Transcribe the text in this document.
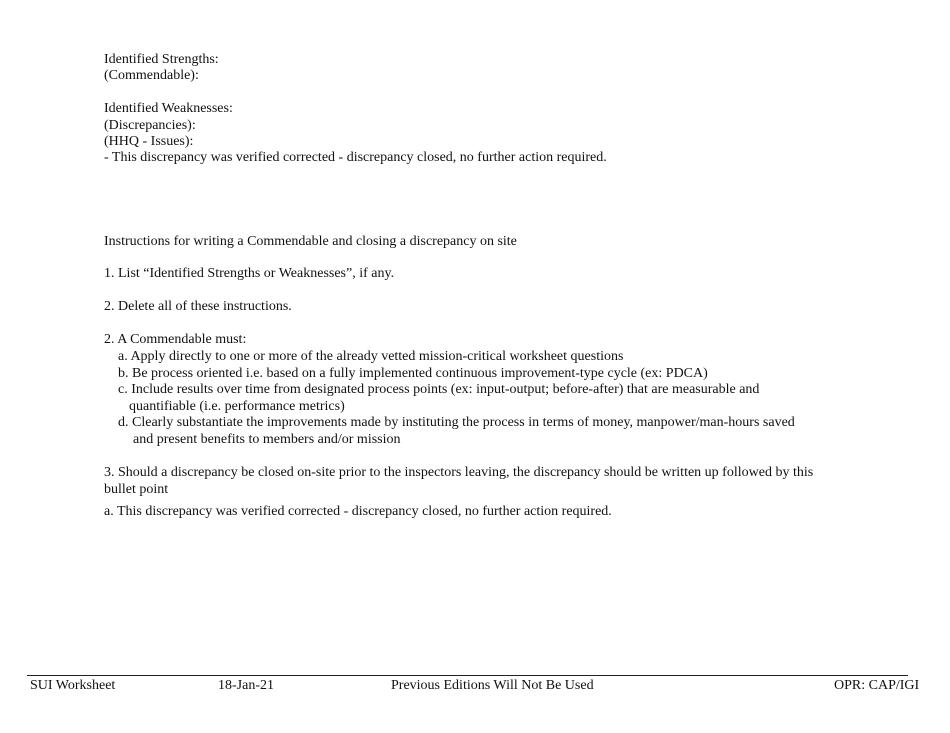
Identified Strengths:
(Commendable):
Identified Weaknesses:
(Discrepancies):
(HHQ - Issues):
- This discrepancy was verified corrected - discrepancy closed, no further action required.
Instructions for writing a Commendable and closing a discrepancy on site
1. List “Identified Strengths or Weaknesses”, if any.
2. Delete all of these instructions.
2. A Commendable must:
a. Apply directly to one or more of the already vetted mission-critical worksheet questions
b. Be process oriented i.e. based on a fully implemented continuous improvement-type cycle (ex: PDCA)
c. Include results over time from designated process points (ex: input-output; before-after) that are measurable and
quantifiable (i.e. performance metrics)
d. Clearly substantiate the improvements made by instituting the process in terms of money, manpower/man-hours saved
and present benefits to members and/or mission
3. Should a discrepancy be closed on-site prior to the inspectors leaving, the discrepancy should be written up followed by this
bullet point
a. This discrepancy was verified corrected - discrepancy closed, no further action required.
SUI Worksheet	18-Jan-21	Previous Editions Will Not Be Used	OPR: CAP/IGI
